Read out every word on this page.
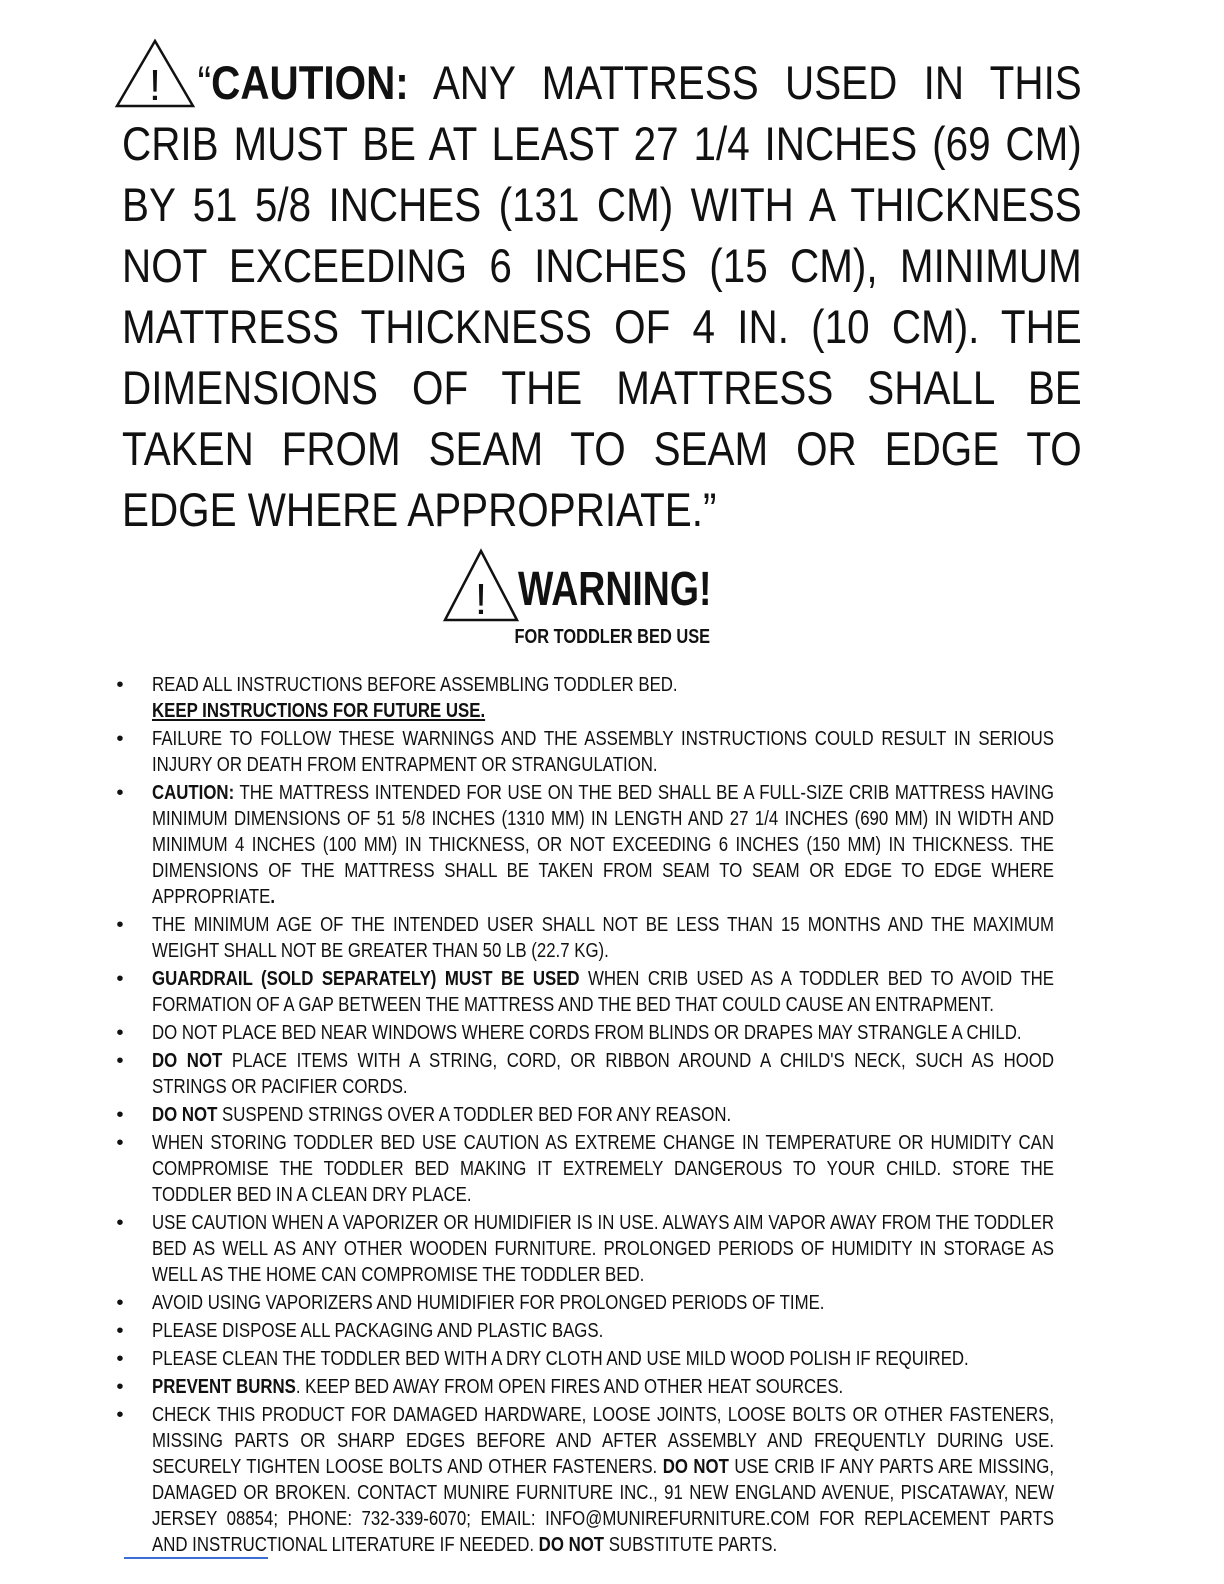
! “CAUTION: ANY MATTRESS USED IN THIS
CRIB MUST BE AT LEAST 27 1/4 INCHES (69 CM)
BY 51 5/8 INCHES (131 CM) WITH A THICKNESS
NOT EXCEEDING 6 INCHES (15 CM), MINIMUM
MATTRESS THICKNESS OF 4 IN. (10 CM). THE
DIMENSIONS OF THE MATTRESS SHALL BE
TAKEN FROM SEAM TO SEAM OR EDGE TO
EDGE WHERE APPROPRIATE.”
! WARNING!
FOR TODDLER BED USE
• READ ALL INSTRUCTIONS BEFORE ASSEMBLING TODDLER BED.
KEEP INSTRUCTIONS FOR FUTURE USE.
• FAILURE TO FOLLOW THESE WARNINGS AND THE ASSEMBLY INSTRUCTIONS COULD RESULT IN SERIOUS INJURY OR DEATH FROM ENTRAPMENT OR STRANGULATION.
• CAUTION: THE MATTRESS INTENDED FOR USE ON THE BED SHALL BE A FULL-SIZE CRIB MATTRESS HAVING MINIMUM DIMENSIONS OF 51 5/8 INCHES (1310 MM) IN LENGTH AND 27 1/4 INCHES (690 MM) IN WIDTH AND MINIMUM 4 INCHES (100 MM) IN THICKNESS, OR NOT EXCEEDING 6 INCHES (150 MM) IN THICKNESS. THE DIMENSIONS OF THE MATTRESS SHALL BE TAKEN FROM SEAM TO SEAM OR EDGE TO EDGE WHERE APPROPRIATE.
• THE MINIMUM AGE OF THE INTENDED USER SHALL NOT BE LESS THAN 15 MONTHS AND THE MAXIMUM WEIGHT SHALL NOT BE GREATER THAN 50 LB (22.7 KG).
• GUARDRAIL (SOLD SEPARATELY) MUST BE USED WHEN CRIB USED AS A TODDLER BED TO AVOID THE FORMATION OF A GAP BETWEEN THE MATTRESS AND THE BED THAT COULD CAUSE AN ENTRAPMENT.
• DO NOT PLACE BED NEAR WINDOWS WHERE CORDS FROM BLINDS OR DRAPES MAY STRANGLE A CHILD.
• DO NOT PLACE ITEMS WITH A STRING, CORD, OR RIBBON AROUND A CHILD'S NECK, SUCH AS HOOD STRINGS OR PACIFIER CORDS.
• DO NOT SUSPEND STRINGS OVER A TODDLER BED FOR ANY REASON.
• WHEN STORING TODDLER BED USE CAUTION AS EXTREME CHANGE IN TEMPERATURE OR HUMIDITY CAN COMPROMISE THE TODDLER BED MAKING IT EXTREMELY DANGEROUS TO YOUR CHILD. STORE THE TODDLER BED IN A CLEAN DRY PLACE.
• USE CAUTION WHEN A VAPORIZER OR HUMIDIFIER IS IN USE. ALWAYS AIM VAPOR AWAY FROM THE TODDLER BED AS WELL AS ANY OTHER WOODEN FURNITURE. PROLONGED PERIODS OF HUMIDITY IN STORAGE AS WELL AS THE HOME CAN COMPROMISE THE TODDLER BED.
• AVOID USING VAPORIZERS AND HUMIDIFIER FOR PROLONGED PERIODS OF TIME.
• PLEASE DISPOSE ALL PACKAGING AND PLASTIC BAGS.
• PLEASE CLEAN THE TODDLER BED WITH A DRY CLOTH AND USE MILD WOOD POLISH IF REQUIRED.
• PREVENT BURNS. KEEP BED AWAY FROM OPEN FIRES AND OTHER HEAT SOURCES.
• CHECK THIS PRODUCT FOR DAMAGED HARDWARE, LOOSE JOINTS, LOOSE BOLTS OR OTHER FASTENERS, MISSING PARTS OR SHARP EDGES BEFORE AND AFTER ASSEMBLY AND FREQUENTLY DURING USE. SECURELY TIGHTEN LOOSE BOLTS AND OTHER FASTENERS. DO NOT USE CRIB IF ANY PARTS ARE MISSING, DAMAGED OR BROKEN. CONTACT MUNIRE FURNITURE INC., 91 NEW ENGLAND AVENUE, PISCATAWAY, NEW JERSEY 08854; PHONE: 732-339-6070; EMAIL: INFO@MUNIREFURNITURE.COM FOR REPLACEMENT PARTS AND INSTRUCTIONAL LITERATURE IF NEEDED. DO NOT SUBSTITUTE PARTS.
